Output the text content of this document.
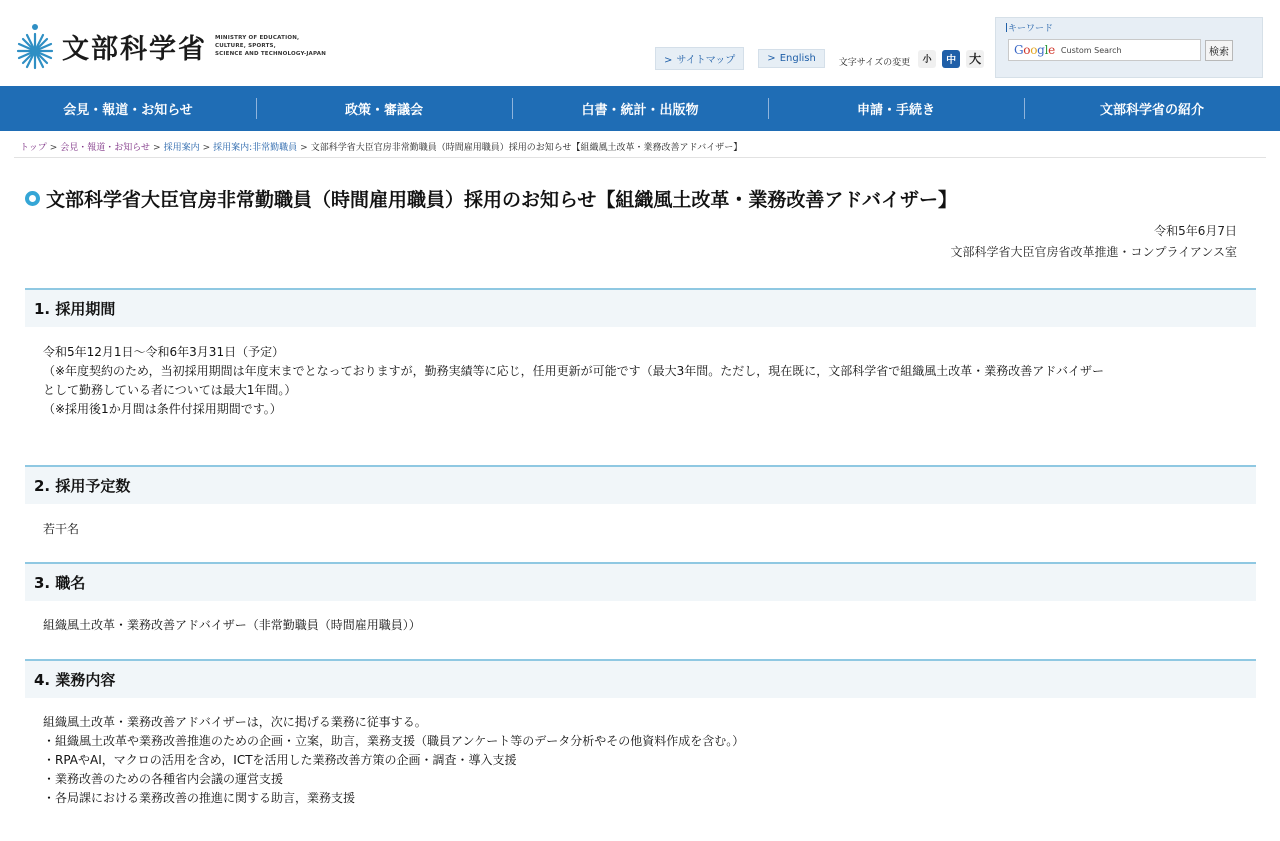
文部科学省 MINISTRY OF EDUCATION,
CULTURE, SPORTS,
SCIENCE AND TECHNOLOGY-JAPAN
> サイトマップ	> English	文字サイズの変更	小	中	大
キーワード
Google Custom Search	検索
会見・報道・お知らせ	政策・審議会	白書・統計・出版物	申請・手続き	文部科学省の紹介
トップ > 会見・報道・お知らせ > 採用案内 > 採用案内:非常勤職員 > 文部科学省大臣官房非常勤職員（時間雇用職員）採用のお知らせ【組織風土改革・業務改善アドバイザー】
文部科学省大臣官房非常勤職員（時間雇用職員）採用のお知らせ【組織風土改革・業務改善アドバイザー】
令和5年6月7日
文部科学省大臣官房省改革推進・コンプライアンス室
1. 採用期間
令和5年12月1日～令和6年3月31日（予定）
（※年度契約のため，当初採用期間は年度末までとなっておりますが，勤務実績等に応じ，任用更新が可能です（最大3年間。ただし，現在既に，文部科学省で組織風土改革・業務改善アドバイザー
として勤務している者については最大1年間。）
（※採用後1か月間は条件付採用期間です。）
2. 採用予定数
若干名
3. 職名
組織風土改革・業務改善アドバイザー（非常勤職員（時間雇用職員））
4. 業務内容
組織風土改革・業務改善アドバイザーは，次に掲げる業務に従事する。
・組織風土改革や業務改善推進のための企画・立案，助言，業務支援（職員アンケート等のデータ分析やその他資料作成を含む。）
・RPAやAI，マクロの活用を含め，ICTを活用した業務改善方策の企画・調査・導入支援
・業務改善のための各種省内会議の運営支援
・各局課における業務改善の推進に関する助言，業務支援
